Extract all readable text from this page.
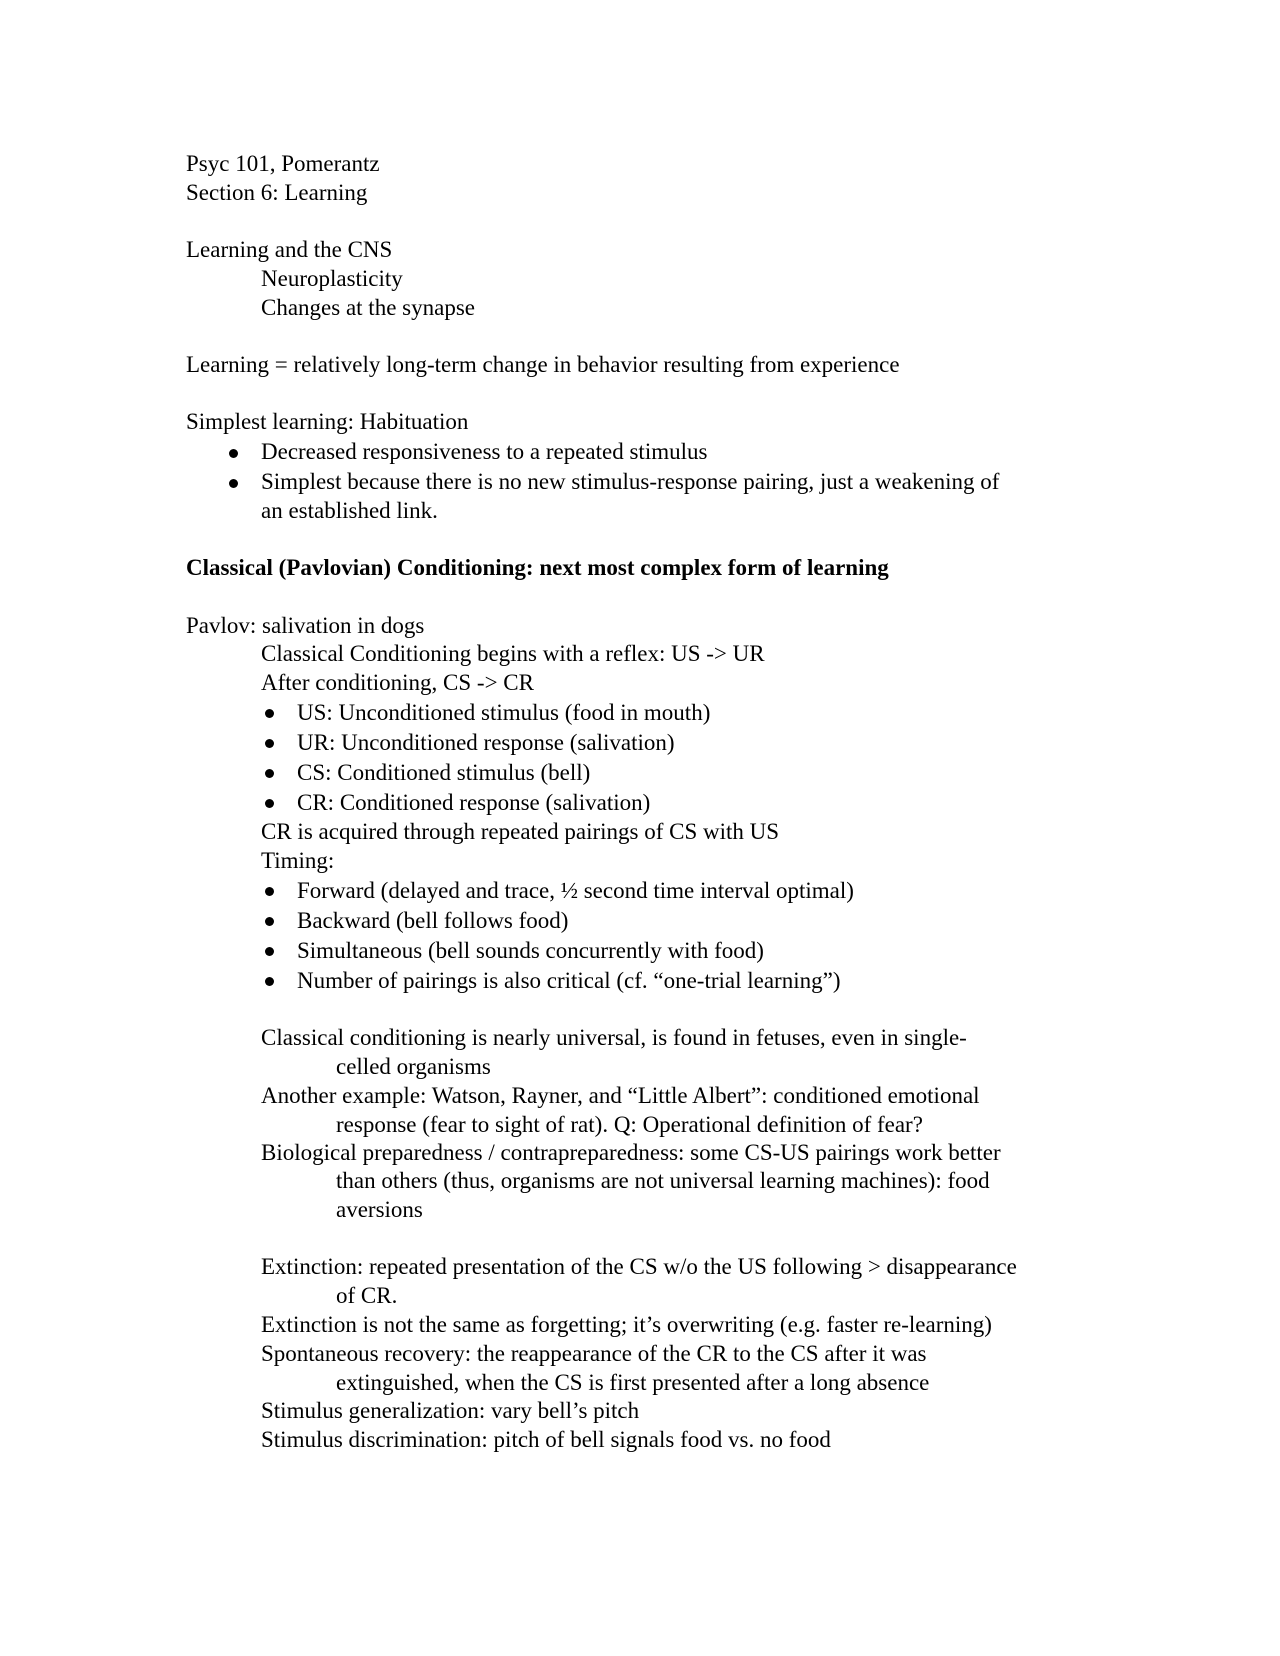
Psyc 101, Pomerantz
Section 6: Learning
Learning and the CNS
Neuroplasticity
Changes at the synapse
Learning = relatively long-term change in behavior resulting from experience
Simplest learning: Habituation
Decreased responsiveness to a repeated stimulus
Simplest because there is no new stimulus-response pairing, just a weakening of
an established link.
Classical (Pavlovian) Conditioning: next most complex form of learning
Pavlov: salivation in dogs
Classical Conditioning begins with a reflex: US -> UR
After conditioning, CS -> CR
US: Unconditioned stimulus (food in mouth)
UR: Unconditioned response (salivation)
CS: Conditioned stimulus (bell)
CR: Conditioned response (salivation)
CR is acquired through repeated pairings of CS with US
Timing:
Forward (delayed and trace, ½ second time interval optimal)
Backward (bell follows food)
Simultaneous (bell sounds concurrently with food)
Number of pairings is also critical (cf. “one-trial learning”)
Classical conditioning is nearly universal, is found in fetuses, even in single-
celled organisms
Another example: Watson, Rayner, and “Little Albert”: conditioned emotional
response (fear to sight of rat). Q: Operational definition of fear?
Biological preparedness / contrapreparedness: some CS-US pairings work better
than others (thus, organisms are not universal learning machines): food
aversions
Extinction: repeated presentation of the CS w/o the US following > disappearance
of CR.
Extinction is not the same as forgetting; it’s overwriting (e.g. faster re-learning)
Spontaneous recovery: the reappearance of the CR to the CS after it was
extinguished, when the CS is first presented after a long absence
Stimulus generalization: vary bell’s pitch
Stimulus discrimination: pitch of bell signals food vs. no food
